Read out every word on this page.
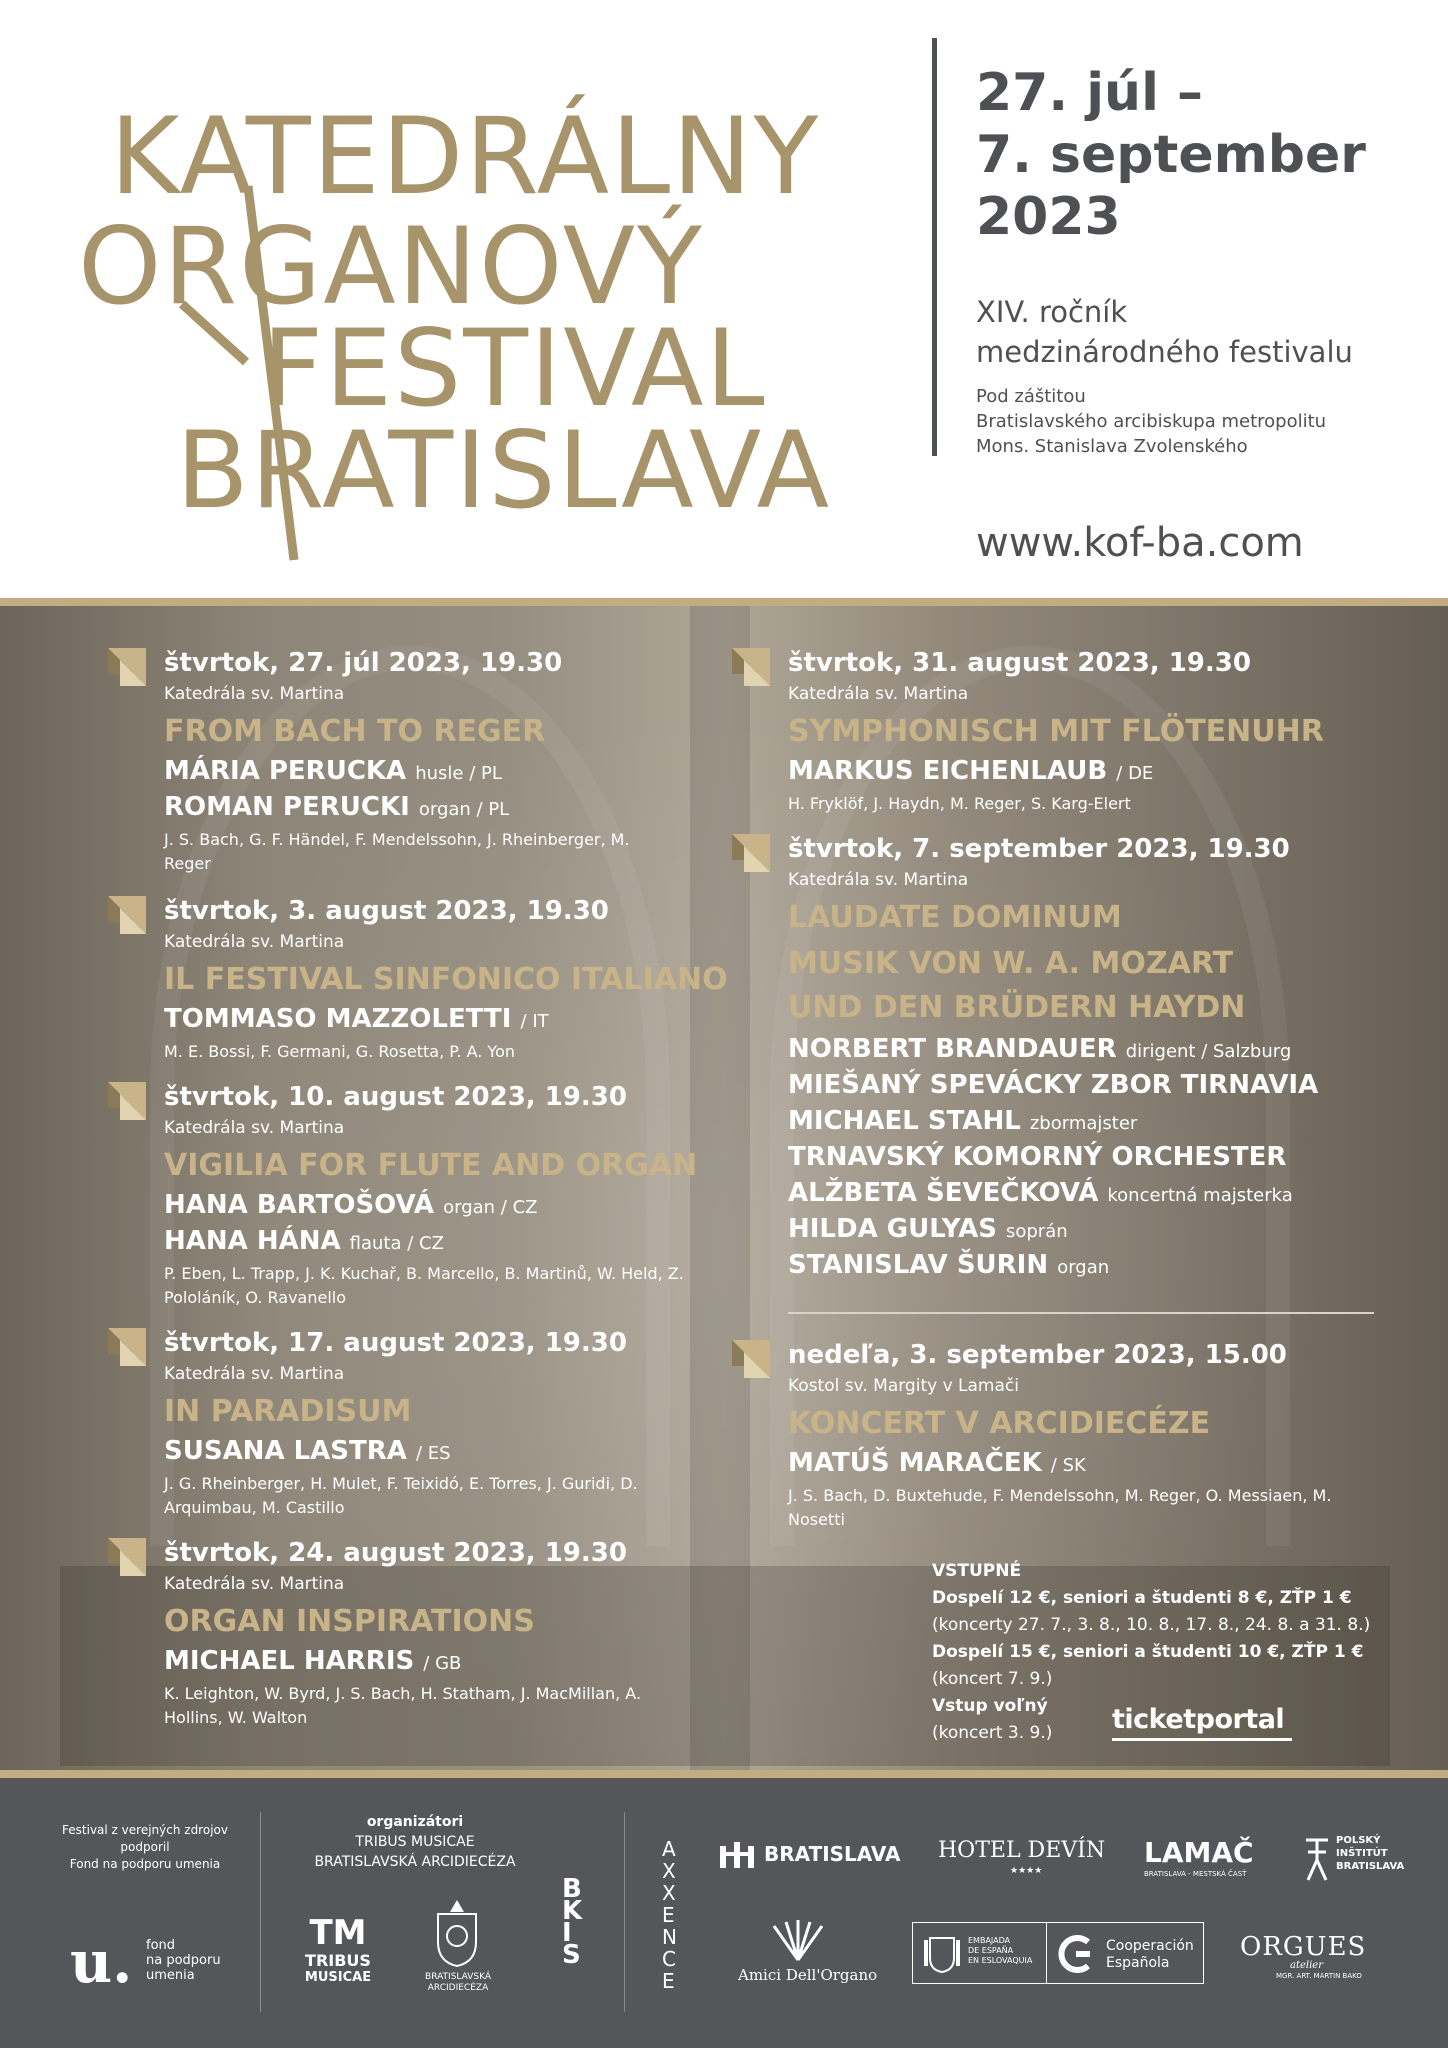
KATEDRÁLNY
ORGANOVÝ
FESTIVAL
BRATISLAVA
27. júl –
7. september
2023
XIV. ročník
medzinárodného festivalu
Pod záštitou
Bratislavského arcibiskupa metropolitu
Mons. Stanislava Zvolenského
www.kof-ba.com
štvrtok, 27. júl 2023, 19.30
Katedrála sv. Martina
FROM BACH TO REGER
MÁRIA PERUCKA husle / PL
ROMAN PERUCKI organ / PL
J. S. Bach, G. F. Händel, F. Mendelssohn, J. Rheinberger, M. Reger
štvrtok, 3. august 2023, 19.30
Katedrála sv. Martina
IL FESTIVAL SINFONICO ITALIANO
TOMMASO MAZZOLETTI / IT
M. E. Bossi, F. Germani, G. Rosetta, P. A. Yon
štvrtok, 10. august 2023, 19.30
Katedrála sv. Martina
VIGILIA FOR FLUTE AND ORGAN
HANA BARTOŠOVÁ organ / CZ
HANA HÁNA flauta / CZ
P. Eben, L. Trapp, J. K. Kuchař, B. Marcello, B. Martinů, W. Held, Z. Pololáník, O. Ravanello
štvrtok, 17. august 2023, 19.30
Katedrála sv. Martina
IN PARADISUM
SUSANA LASTRA / ES
J. G. Rheinberger, H. Mulet, F. Teixidó, E. Torres, J. Guridi, D. Arquimbau, M. Castillo
štvrtok, 24. august 2023, 19.30
Katedrála sv. Martina
ORGAN INSPIRATIONS
MICHAEL HARRIS / GB
K. Leighton, W. Byrd, J. S. Bach, H. Statham, J. MacMillan, A. Hollins, W. Walton
štvrtok, 31. august 2023, 19.30
Katedrála sv. Martina
SYMPHONISCH MIT FLÖTENUHR
MARKUS EICHENLAUB / DE
H. Fryklöf, J. Haydn, M. Reger, S. Karg-Elert
štvrtok, 7. september 2023, 19.30
Katedrála sv. Martina
LAUDATE DOMINUM
MUSIK VON W. A. MOZART
UND DEN BRÜDERN HAYDN
NORBERT BRANDAUER dirigent / Salzburg
MIEŠANÝ SPEVÁCKY ZBOR TIRNAVIA
MICHAEL STAHL zbormajster
TRNAVSKÝ KOMORNÝ ORCHESTER
ALŽBETA ŠEVEČKOVÁ koncertná majsterka
HILDA GULYAS soprán
STANISLAV ŠURIN organ
nedeľa, 3. september 2023, 15.00
Kostol sv. Margity v Lamači
KONCERT V ARCIDIECÉZE
MATÚŠ MARAČEK / SK
J. S. Bach, D. Buxtehude, F. Mendelssohn, M. Reger, O. Messiaen, M. Nosetti
VSTUPNÉ
Dospelí 12 €, seniori a študenti 8 €, ZŤP 1 €
(koncerty 27. 7., 3. 8., 10. 8., 17. 8., 24. 8. a 31. 8.)
Dospelí 15 €, seniori a študenti 10 €, ZŤP 1 €
(koncert 7. 9.)
Vstup voľný
(koncert 3. 9.)	ticketportal
Festival z verejných zdrojov
podporil
Fond na podporu umenia
u. fond
na podporu
umenia
organizátori
TRIBUS MUSICAE
BRATISLAVSKÁ ARCIDIECÉZA
TM
TRIBUS
MUSICAE	BRATISLAVSKÁ
ARCIDIECÉZA
BKIS
AXXENCE
BRATISLAVA HOTEL DEVÍN
★★★★
LAMAČ
BRATISLAVA - MESTSKÁ ČASŤ
POLSKÝ
INŠTITÚT
BRATISLAVA
Amici Dell'Organo
EMBAJADA
DE ESPAÑA
EN ESLOVAQUIA
Cooperación
Española
ORGUES
atelier
MGR. ART. MARTIN BAKO
